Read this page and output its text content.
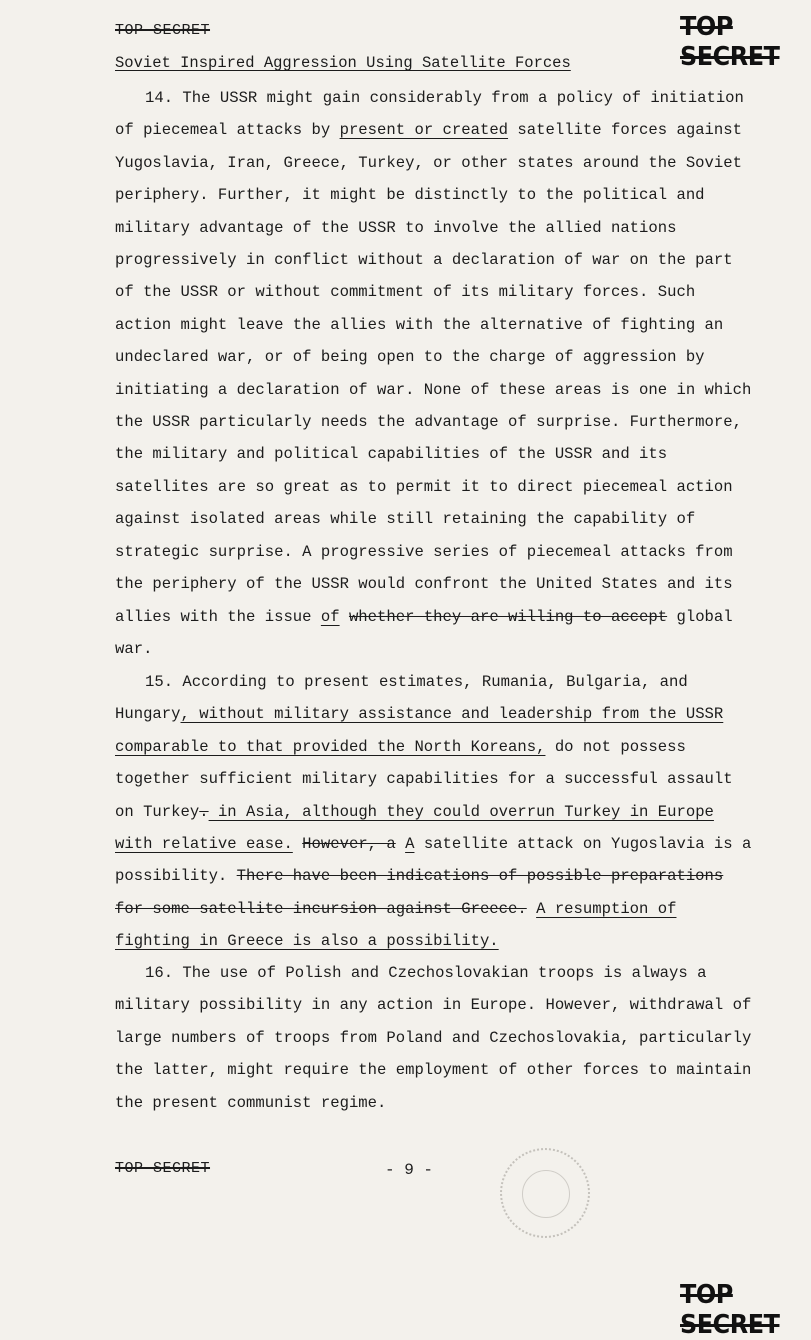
TOP SECRET	TOP SECRET
Soviet Inspired Aggression Using Satellite Forces

14. The USSR might gain considerably from a policy of initiation of piecemeal attacks by present or created satellite forces against Yugoslavia, Iran, Greece, Turkey, or other states around the Soviet periphery. Further, it might be distinctly to the political and military advantage of the USSR to involve the allied nations progressively in conflict without a declaration of war on the part of the USSR or without commitment of its military forces. Such action might leave the allies with the alternative of fighting an undeclared war, or of being open to the charge of aggression by initiating a declaration of war. None of these areas is one in which the USSR particularly needs the advantage of surprise. Furthermore, the military and political capabilities of the USSR and its satellites are so great as to permit it to direct piecemeal action against isolated areas while still retaining the capability of strategic surprise. A progressive series of piecemeal attacks from the periphery of the USSR would confront the United States and its allies with the issue of whether they are willing to accept global war.

15. According to present estimates, Rumania, Bulgaria, and Hungary, without military assistance and leadership from the USSR comparable to that provided the North Koreans, do not possess together sufficient military capabilities for a successful assault on Turkey. in Asia, although they could overrun Turkey in Europe with relative ease. However, a A satellite attack on Yugoslavia is a possibility. There have been indications of possible preparations for some satellite incursion against Greece. A resumption of fighting in Greece is also a possibility.

16. The use of Polish and Czechoslovakian troops is always a military possibility in any action in Europe. However, withdrawal of large numbers of troops from Poland and Czechoslovakia, particularly the latter, might require the employment of other forces to maintain the present communist regime.

TOP SECRET	- 9 -
TOP SECRET
